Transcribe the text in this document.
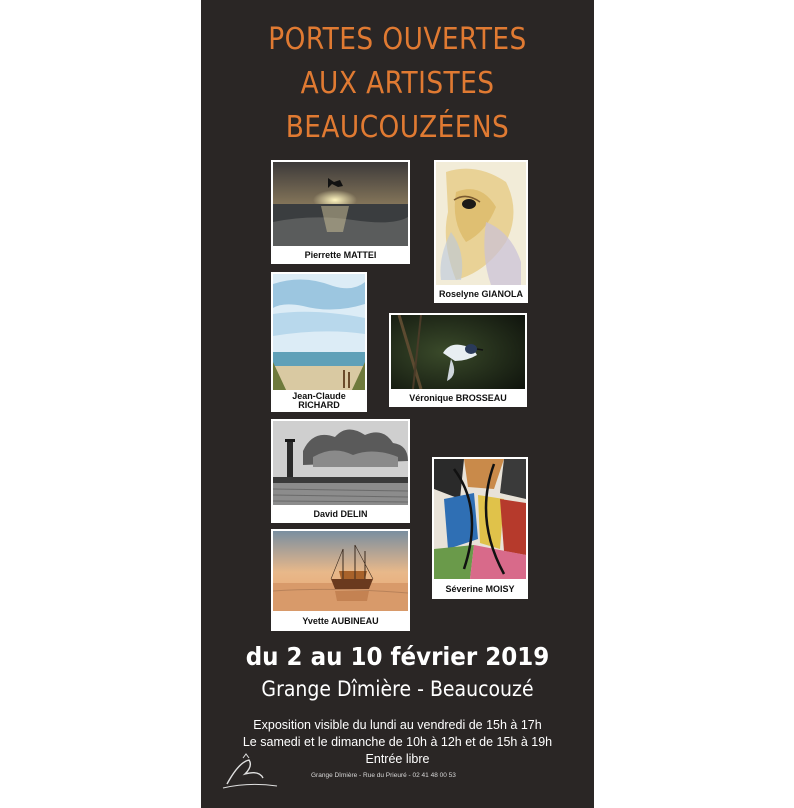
PORTES OUVERTES
AUX ARTISTES
BEAUCOUZÉENS
Pierrette MATTEI
Roselyne GIANOLA
Jean-Claude
RICHARD
Véronique BROSSEAU
David DELIN
Séverine MOISY
Yvette AUBINEAU
du 2 au 10 février 2019
Grange Dîmière - Beaucouzé
Exposition visible du lundi au vendredi de 15h à 17h
Le samedi et le dimanche de 10h à 12h et de 15h à 19h
Entrée libre
Grange Dîmière - Rue du Prieuré - 02 41 48 00 53
